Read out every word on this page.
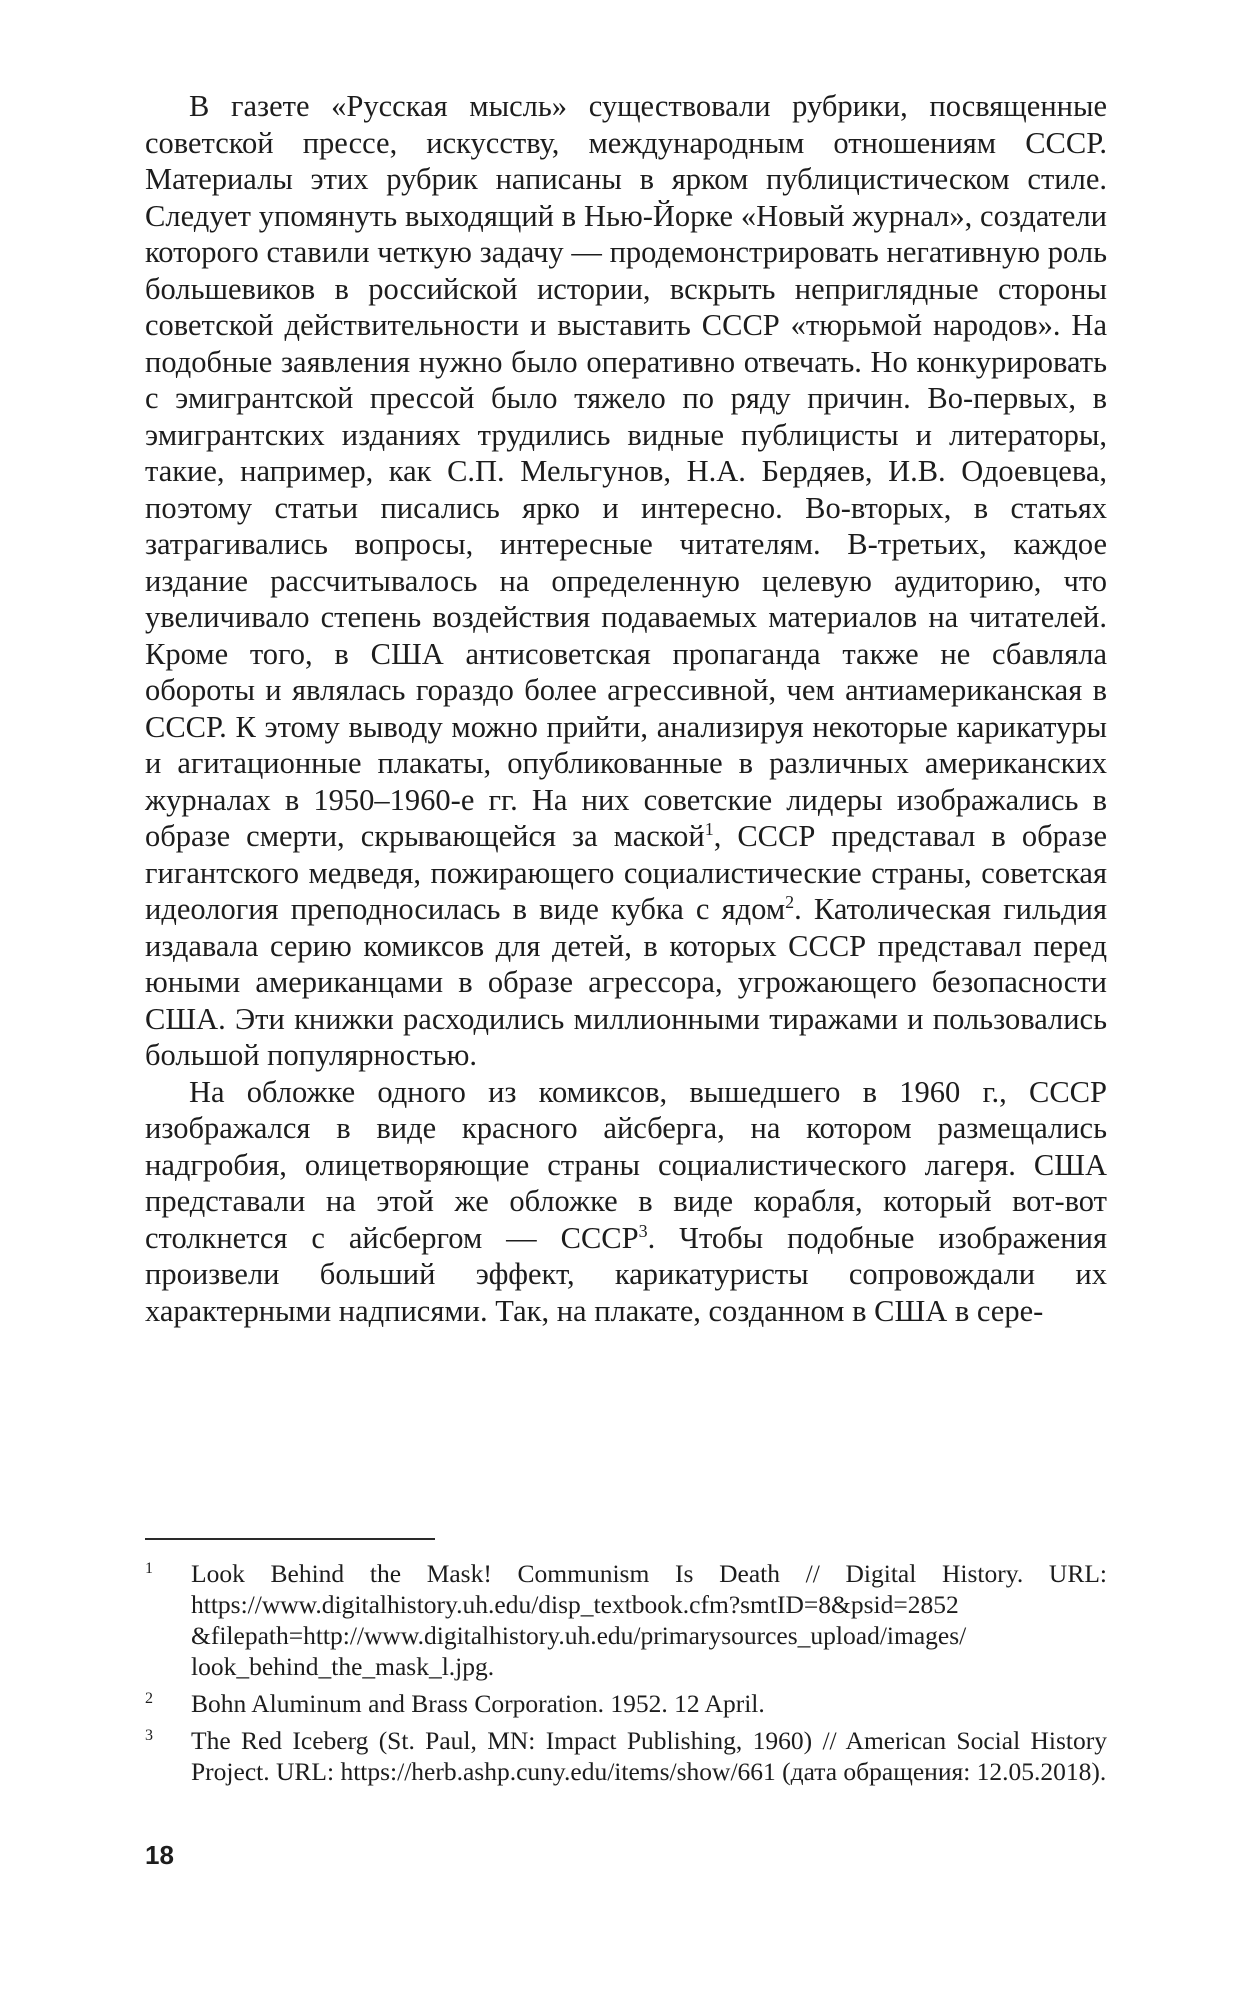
В газете «Русская мысль» существовали рубрики, посвященные советской прессе, искусству, международным отношениям СССР. Материалы этих рубрик написаны в ярком публицистическом стиле. Следует упомянуть выходящий в Нью-Йорке «Новый журнал», создатели которого ставили четкую задачу — продемонстрировать негативную роль большевиков в российской истории, вскрыть неприглядные стороны советской действительности и выставить СССР «тюрьмой народов». На подобные заявления нужно было оперативно отвечать. Но конкурировать с эмигрантской прессой было тяжело по ряду причин. Во-первых, в эмигрантских изданиях трудились видные публицисты и литераторы, такие, например, как С.П. Мельгунов, Н.А. Бердяев, И.В. Одоевцева, поэтому статьи писались ярко и интересно. Во-вторых, в статьях затрагивались вопросы, интересные читателям. В-третьих, каждое издание рассчитывалось на определенную целевую аудиторию, что увеличивало степень воздействия подаваемых материалов на читателей. Кроме того, в США антисоветская пропаганда также не сбавляла обороты и являлась гораздо более агрессивной, чем антиамериканская в СССР. К этому выводу можно прийти, анализируя некоторые карикатуры и агитационные плакаты, опубликованные в различных американских журналах в 1950–1960-е гг. На них советские лидеры изображались в образе смерти, скрывающейся за маской$^1$, СССР представал в образе гигантского медведя, пожирающего социалистические страны, советская идеология преподносилась в виде кубка с ядом$^2$. Католическая гильдия издавала серию комиксов для детей, в которых СССР представал перед юными американцами в образе агрессора, угрожающего безопасности США. Эти книжки расходились миллионными тиражами и пользовались большой популярностью.

На обложке одного из комиксов, вышедшего в 1960 г., СССР изображался в виде красного айсберга, на котором размещались надгробия, олицетворяющие страны социалистического лагеря. США представали на этой же обложке в виде корабля, который вот-вот столкнется с айсбергом — СССР$^3$. Чтобы подобные изображения произвели больший эффект, карикатуристы сопровождали их характерными надписями. Так, на плакате, созданном в США в сере-

1	Look Behind the Mask! Communism Is Death // Digital History. URL: https://www.digitalhistory.uh.edu/disp_textbook.cfm?smtID=8&psid=2852 &filepath=http://www.digitalhistory.uh.edu/primarysources_upload/images/ look_behind_the_mask_l.jpg.
2	Bohn Aluminum and Brass Corporation. 1952. 12 April.
3	The Red Iceberg (St. Paul, MN: Impact Publishing, 1960) // American Social History Project. URL: https://herb.ashp.cuny.edu/items/show/661 (дата обращения: 12.05.2018).
18
